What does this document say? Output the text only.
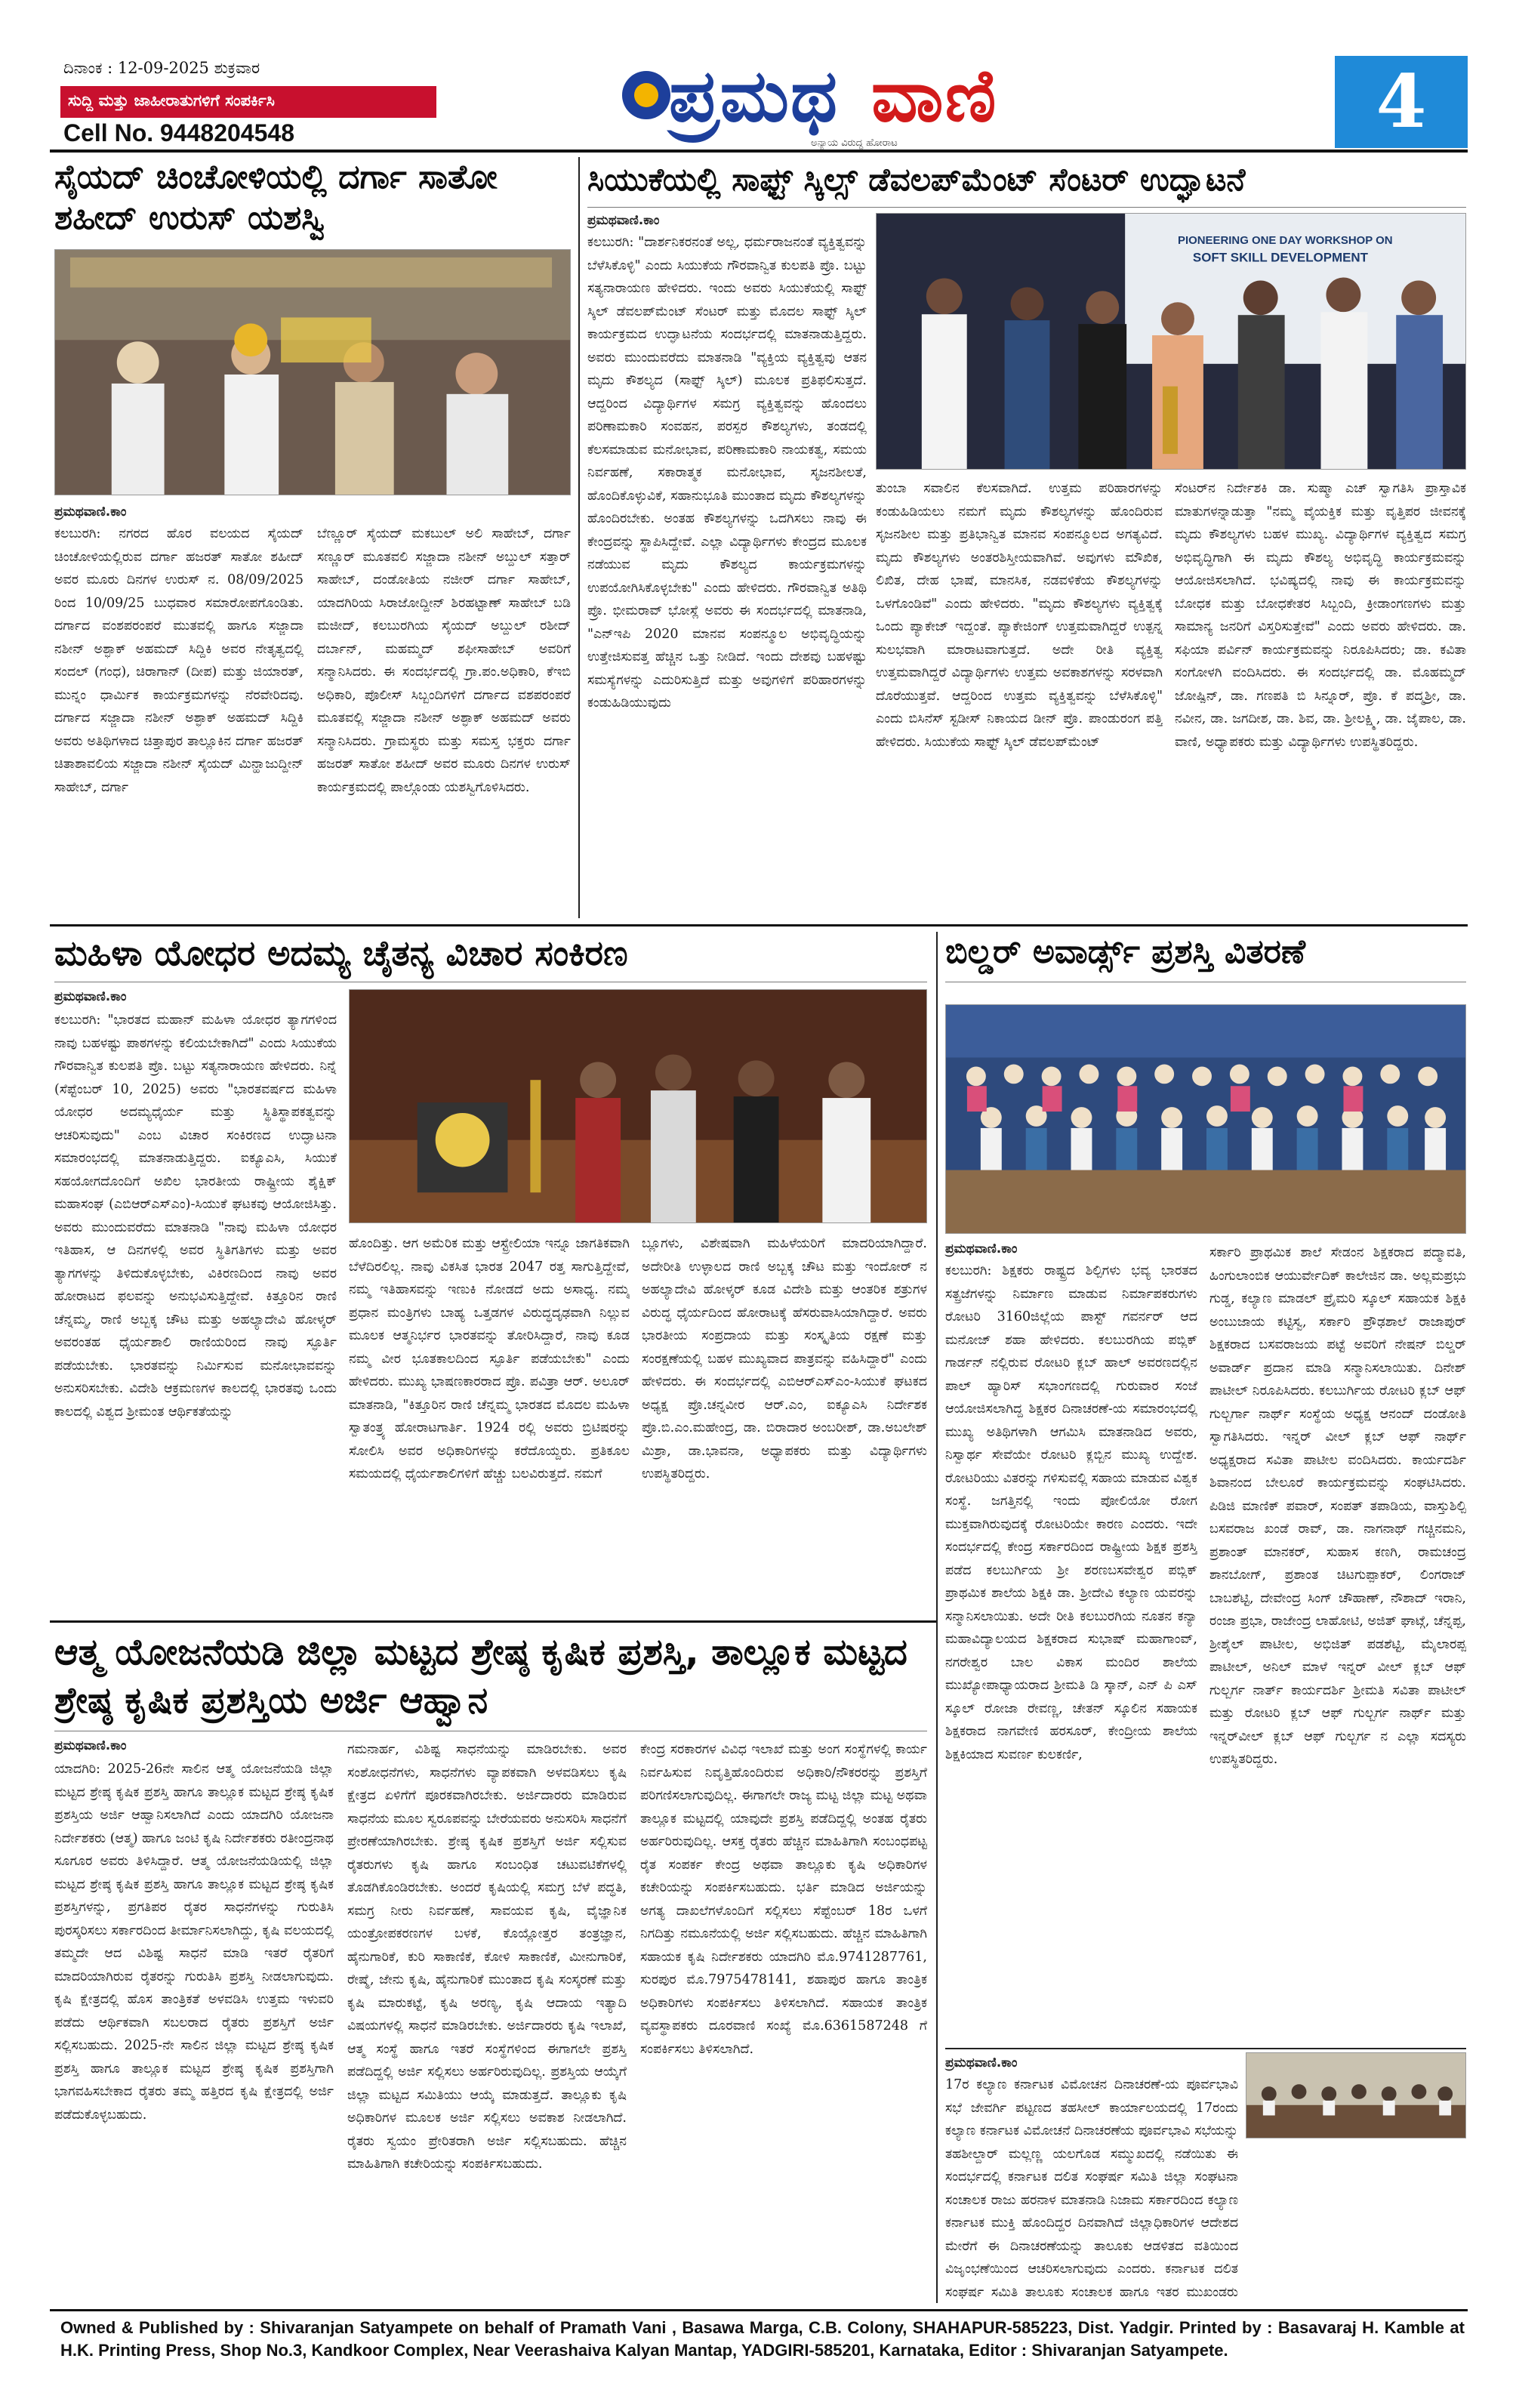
ದಿನಾಂಕ : 12-09-2025 ಶುಕ್ರವಾರ
ಸುದ್ದಿ ಮತ್ತು ಜಾಹೀರಾತುಗಳಿಗೆ ಸಂಪರ್ಕಿಸಿ
Cell No. 9448204548	ಪ್ರಮಥ ವಾಣಿ
ಅನ್ಯಾಯ ವಿರುದ್ಧ ಹೋರಾಟ	4
ಸೈಯದ್ ಚಿಂಚೋಳಿಯಲ್ಲಿ ದರ್ಗಾ ಸಾತೋ ಶಹೀದ್ ಉರುಸ್ ಯಶಸ್ವಿ
ಪ್ರಮಥವಾಣಿ.ಕಾಂ
ಕಲಬುರಗಿ: ನಗರದ ಹೊರ ವಲಯದ ಸೈಯದ್ ಚಿಂಚೋಳಿಯಲ್ಲಿರುವ ದರ್ಗಾ ಹಜರತ್ ಸಾತೋ ಶಹೀದ್ ಅವರ ಮೂರು ದಿನಗಳ ಉರುಸ್ ನ. 08/09/2025 ರಿಂದ 10/09/25 ಬುಧವಾರ ಸಮಾರೋಪಗೊಂಡಿತು. ದರ್ಗಾದ ವಂಶಪರಂಪರೆ ಮುತವಲ್ಲಿ ಹಾಗೂ ಸಜ್ಜಾದಾ ನಶೀನ್ ಅಶ್ಫಾಕ್ ಅಹಮದ್ ಸಿದ್ದಿಕಿ ಅವರ ನೇತೃತ್ವದಲ್ಲಿ ಸಂದಲ್ (ಗಂಧ), ಚಿರಾಗಾನ್ (ದೀಪ) ಮತ್ತು ಜಿಯಾರತ್, ಮುನ್ನಂ ಧಾರ್ಮಿಕ ಕಾರ್ಯಕ್ರಮಗಳನ್ನು ನೆರವೇರಿದವು. ದರ್ಗಾದ ಸಜ್ಜಾದಾ ನಶೀನ್ ಅಶ್ಫಾಕ್ ಅಹಮದ್ ಸಿದ್ದಿಕಿ ಅವರು ಅತಿಥಿಗಳಾದ ಚಿತ್ತಾಪುರ ತಾಲ್ಲೂಕಿನ ದರ್ಗಾ ಹಜರತ್ ಚಿತಾಶಾವಲಿಯ ಸಜ್ಜಾದಾ ನಶೀನ್ ಸೈಯದ್ ಮಿನ್ಹಾಜುದ್ದೀನ್ ಸಾಹೇಬ್, ದರ್ಗಾ
ಬೆಣ್ಣೂರ್ ಸೈಯದ್ ಮಕಬುಲ್ ಅಲಿ ಸಾಹೇಬ್, ದರ್ಗಾ ಸಣ್ಣೂರ್ ಮೂತವಲಿ ಸಜ್ಜಾದಾ ನಶೀನ್ ಅಬ್ದುಲ್ ಸತ್ತಾರ್ ಸಾಹೇಬ್, ದಂಡೋತಿಯ ನಜೀರ್ ದರ್ಗಾ ಸಾಹೇಬ್, ಯಾದಗಿರಿಯ ಸಿರಾಜೋದ್ದೀನ್ ಶಿರಹಟ್ಟಾಣ್ ಸಾಹೇಬ್ ಬಡಿ ಮಜೀದ್, ಕಲಬುರಗಿಯ ಸೈಯದ್ ಅಬ್ದುಲ್ ರಶೀದ್ ದರ್ಬಾನ್, ಮಹಮ್ಮದ್ ಶಫೀಸಾಹೇಬ್ ಅವರಿಗೆ ಸನ್ಮಾನಿಸಿದರು. ಈ ಸಂದರ್ಭದಲ್ಲಿ ಗ್ರಾ.ಪಂ.ಅಧಿಕಾರಿ, ಕೆಇಬಿ ಅಧಿಕಾರಿ, ಪೊಲೀಸ್ ಸಿಬ್ಬಂದಿಗಳಿಗೆ ದರ್ಗಾದ ವಶಪರಂಪರೆ ಮೂತವಲ್ಲಿ ಸಜ್ಜಾದಾ ನಶೀನ್ ಅಶ್ಫಾಕ್ ಅಹಮದ್ ಅವರು ಸನ್ಮಾನಿಸಿದರು. ಗ್ರಾಮಸ್ಥರು ಮತ್ತು ಸಮಸ್ತ ಭಕ್ತರು ದರ್ಗಾ ಹಜರತ್ ಸಾತೋ ಶಹೀದ್ ಅವರ ಮೂರು ದಿನಗಳ ಉರುಸ್ ಕಾರ್ಯಕ್ರಮದಲ್ಲಿ ಪಾಲ್ಗೊಂಡು ಯಶಸ್ವಿಗೊಳಿಸಿದರು.
ಸಿಯುಕೆಯಲ್ಲಿ ಸಾಫ್ಟ್ ಸ್ಕಿಲ್ಸ್ ಡೆವಲಪ್‌ಮೆಂಟ್ ಸೆಂಟರ್ ಉದ್ಘಾಟನೆ
ಪ್ರಮಥವಾಣಿ.ಕಾಂ
ಕಲಬುರಗಿ: "ದಾರ್ಶನಿಕರನಂತೆ ಅಲ್ಲ, ಧರ್ಮರಾಜನಂತೆ ವ್ಯಕ್ತಿತ್ವವನ್ನು ಬೆಳೆಸಿಕೊಳ್ಳಿ" ಎಂದು ಸಿಯುಕೆಯ ಗೌರವಾನ್ವಿತ ಕುಲಪತಿ ಪ್ರೊ. ಬಟ್ಟು ಸತ್ಯನಾರಾಯಣ ಹೇಳಿದರು. ಇಂದು ಅವರು ಸಿಯುಕೆಯಲ್ಲಿ ಸಾಫ್ಟ್ ಸ್ಕಿಲ್ ಡೆವಲಪ್‌ಮೆಂಟ್ ಸೆಂಟರ್ ಮತ್ತು ಮೊದಲ ಸಾಫ್ಟ್ ಸ್ಕಿಲ್ ಕಾರ್ಯಕ್ರಮದ ಉದ್ಘಾಟನೆಯ ಸಂದರ್ಭದಲ್ಲಿ ಮಾತನಾಡುತ್ತಿದ್ದರು. ಅವರು ಮುಂದುವರೆದು ಮಾತನಾಡಿ "ವ್ಯಕ್ತಿಯ ವ್ಯಕ್ತಿತ್ವವು ಆತನ ಮೃದು ಕೌಶಲ್ಯದ (ಸಾಫ್ಟ್ ಸ್ಕಿಲ್) ಮೂಲಕ ಪ್ರತಿಫಲಿಸುತ್ತದೆ. ಆದ್ದರಿಂದ ವಿದ್ಯಾರ್ಥಿಗಳ ಸಮಗ್ರ ವ್ಯಕ್ತಿತ್ವವನ್ನು ಹೊಂದಲು ಪರಿಣಾಮಕಾರಿ ಸಂವಹನ, ಪರಸ್ಪರ ಕೌಶಲ್ಯಗಳು, ತಂಡದಲ್ಲಿ ಕೆಲಸಮಾಡುವ ಮನೋಭಾವ, ಪರಿಣಾಮಕಾರಿ ನಾಯಕತ್ವ, ಸಮಯ ನಿರ್ವಹಣೆ, ಸಕಾರಾತ್ಮಕ ಮನೋಭಾವ, ಸೃಜನಶೀಲತೆ, ಹೊಂದಿಕೊಳ್ಳುವಿಕೆ, ಸಹಾನುಭೂತಿ ಮುಂತಾದ ಮೃದು ಕೌಶಲ್ಯಗಳನ್ನು ಹೊಂದಿರಬೇಕು. ಅಂತಹ ಕೌಶಲ್ಯಗಳನ್ನು ಒದಗಿಸಲು ನಾವು ಈ ಕೇಂದ್ರವನ್ನು ಸ್ಥಾಪಿಸಿದ್ದೇವೆ. ಎಲ್ಲಾ ವಿದ್ಯಾರ್ಥಿಗಳು ಕೇಂದ್ರದ ಮೂಲಕ ನಡೆಯುವ ಮೃದು ಕೌಶಲ್ಯದ ಕಾರ್ಯಕ್ರಮಗಳನ್ನು ಉಪಯೋಗಿಸಿಕೊಳ್ಳಬೇಕು" ಎಂದು ಹೇಳಿದರು. ಗೌರವಾನ್ವಿತ ಅತಿಥಿ ಪ್ರೊ. ಭೀಮರಾವ್ ಭೋಸ್ಲೆ ಅವರು ಈ ಸಂದರ್ಭದಲ್ಲಿ ಮಾತನಾಡಿ, "ಎನ್‌ಇಪಿ 2020 ಮಾನವ ಸಂಪನ್ಮೂಲ ಅಭಿವೃದ್ಧಿಯನ್ನು ಉತ್ತೇಜಿಸುವತ್ತ ಹೆಚ್ಚಿನ ಒತ್ತು ನೀಡಿದೆ. ಇಂದು ದೇಶವು ಬಹಳಷ್ಟು ಸಮಸ್ಯೆಗಳನ್ನು ಎದುರಿಸುತ್ತಿದೆ ಮತ್ತು ಅವುಗಳಿಗೆ ಪರಿಹಾರಗಳನ್ನು ಕಂಡುಹಿಡಿಯುವುದು
PIONEERING ONE DAY WORKSHOP ON
SOFT SKILL DEVELOPMENT
ತುಂಬಾ ಸವಾಲಿನ ಕೆಲಸವಾಗಿದೆ. ಉತ್ತಮ ಪರಿಹಾರಗಳನ್ನು ಕಂಡುಹಿಡಿಯಲು ನಮಗೆ ಮೃದು ಕೌಶಲ್ಯಗಳನ್ನು ಹೊಂದಿರುವ ಸೃಜನಶೀಲ ಮತ್ತು ಪ್ರತಿಭಾನ್ವಿತ ಮಾನವ ಸಂಪನ್ಮೂಲದ ಅಗತ್ಯವಿದೆ. ಮೃದು ಕೌಶಲ್ಯಗಳು ಅಂತರಶಿಸ್ತೀಯವಾಗಿವೆ. ಅವುಗಳು ಮೌಖಿಕ, ಲಿಖಿತ, ದೇಹ ಭಾಷೆ, ಮಾನಸಿಕ, ನಡವಳಿಕೆಯ ಕೌಶಲ್ಯಗಳನ್ನು ಒಳಗೊಂಡಿವೆ" ಎಂದು ಹೇಳಿದರು. "ಮೃದು ಕೌಶಲ್ಯಗಳು ವ್ಯಕ್ತಿತ್ವಕ್ಕೆ ಒಂದು ಪ್ಯಾಕೇಜ್ ಇದ್ದಂತೆ. ಪ್ಯಾಕೇಜಿಂಗ್ ಉತ್ತಮವಾಗಿದ್ದರೆ ಉತ್ಪನ್ನ ಸುಲಭವಾಗಿ ಮಾರಾಟವಾಗುತ್ತದೆ. ಅದೇ ರೀತಿ ವ್ಯಕ್ತಿತ್ವ ಉತ್ತಮವಾಗಿದ್ದರೆ ವಿದ್ಯಾರ್ಥಿಗಳು ಉತ್ತಮ ಅವಕಾಶಗಳನ್ನು ಸರಳವಾಗಿ ದೊರೆಯುತ್ತವೆ. ಆದ್ದರಿಂದ ಉತ್ತಮ ವ್ಯಕ್ತಿತ್ವವನ್ನು ಬೆಳೆಸಿಕೊಳ್ಳಿ" ಎಂದು ಬಿಸಿನೆಸ್ ಸ್ಟಡೀಸ್ ನಿಕಾಯದ ಡೀನ್ ಪ್ರೊ. ಪಾಂಡುರಂಗ ಪತ್ತಿ ಹೇಳಿದರು. ಸಿಯುಕೆಯ ಸಾಫ್ಟ್ ಸ್ಕಿಲ್ ಡೆವಲಪ್‌ಮೆಂಟ್
ಸೆಂಟರ್‌ನ ನಿರ್ದೇಶಕಿ ಡಾ. ಸುಷ್ಮಾ ಎಚ್ ಸ್ವಾಗತಿಸಿ ಪ್ರಾಸ್ತಾವಿಕ ಮಾತುಗಳನ್ನಾಡುತ್ತಾ "ನಮ್ಮ ವೈಯಕ್ತಿಕ ಮತ್ತು ವೃತ್ತಿಪರ ಜೀವನಕ್ಕೆ ಮೃದು ಕೌಶಲ್ಯಗಳು ಬಹಳ ಮುಖ್ಯ. ವಿದ್ಯಾರ್ಥಿಗಳ ವ್ಯಕ್ತಿತ್ವದ ಸಮಗ್ರ ಅಭಿವೃದ್ಧಿಗಾಗಿ ಈ ಮೃದು ಕೌಶಲ್ಯ ಅಭಿವೃದ್ಧಿ ಕಾರ್ಯಕ್ರಮವನ್ನು ಆಯೋಜಿಸಲಾಗಿದೆ. ಭವಿಷ್ಯದಲ್ಲಿ ನಾವು ಈ ಕಾರ್ಯಕ್ರಮವನ್ನು ಬೋಧಕ ಮತ್ತು ಬೋಧಕೇತರ ಸಿಬ್ಬಂದಿ, ಕ್ರೀಡಾಂಗಣಗಳು ಮತ್ತು ಸಾಮಾನ್ಯ ಜನರಿಗೆ ವಿಸ್ತರಿಸುತ್ತೇವೆ" ಎಂದು ಅವರು ಹೇಳಿದರು. ಡಾ. ಸಫಿಯಾ ಪರ್ವಿನ್ ಕಾರ್ಯಕ್ರಮವನ್ನು ನಿರೂಪಿಸಿದರು; ಡಾ. ಕವಿತಾ ಸಂಗೋಳಗಿ ವಂದಿಸಿದರು. ಈ ಸಂದರ್ಭದಲ್ಲಿ ಡಾ. ಮೊಹಮ್ಮದ್ ಜೋಷ್ಪಿನ್, ಡಾ. ಗಣಪತಿ ಬಿ ಸಿನ್ನೂರ್, ಪ್ರೊ. ಕೆ ಪದ್ಮಶ್ರೀ, ಡಾ. ನವೀನ, ಡಾ. ಜಗದೀಶ, ಡಾ. ಶಿವ, ಡಾ. ಶ್ರೀಲಕ್ಷ್ಮಿ, ಡಾ. ಜೈಪಾಲ, ಡಾ. ವಾಣಿ, ಅಧ್ಯಾಪಕರು ಮತ್ತು ವಿದ್ಯಾರ್ಥಿಗಳು ಉಪಸ್ಥಿತರಿದ್ದರು.
ಮಹಿಳಾ ಯೋಧರ ಅದಮ್ಯ ಚೈತನ್ಯ ವಿಚಾರ ಸಂಕಿರಣ
ಪ್ರಮಥವಾಣಿ.ಕಾಂ
ಕಲಬುರಗಿ: "ಭಾರತದ ಮಹಾನ್ ಮಹಿಳಾ ಯೋಧರ ತ್ಯಾಗಗಳಿಂದ ನಾವು ಬಹಳಷ್ಟು ಪಾಠಗಳನ್ನು ಕಲಿಯಬೇಕಾಗಿದೆ" ಎಂದು ಸಿಯುಕೆಯ ಗೌರವಾನ್ವಿತ ಕುಲಪತಿ ಪ್ರೊ. ಬಟ್ಟು ಸತ್ಯನಾರಾಯಣ ಹೇಳಿದರು. ನಿನ್ನೆ (ಸೆಪ್ಟೆಂಬರ್ 10, 2025) ಅವರು "ಭಾರತವರ್ಷದ ಮಹಿಳಾ ಯೋಧರ ಅದಮ್ಯಧೈರ್ಯ ಮತ್ತು ಸ್ಥಿತಿಸ್ಥಾಪಕತ್ವವನ್ನು ಆಚರಿಸುವುದು" ಎಂಬ ವಿಚಾರ ಸಂಕಿರಣದ ಉದ್ಘಾಟನಾ ಸಮಾರಂಭದಲ್ಲಿ ಮಾತನಾಡುತ್ತಿದ್ದರು. ಐಕ್ಯೂಎಸಿ, ಸಿಯುಕೆ ಸಹಯೋಗದೊಂದಿಗೆ ಅಖಿಲ ಭಾರತೀಯ ರಾಷ್ಟ್ರೀಯ ಶೈಕ್ಷಿಕ್ ಮಹಾಸಂಘ (ಎಬಿಆರ್‌ಎಸ್‌ಎಂ)-ಸಿಯುಕೆ ಘಟಕವು ಆಯೋಜಿಸಿತ್ತು. ಅವರು ಮುಂದುವರೆದು ಮಾತನಾಡಿ "ನಾವು ಮಹಿಳಾ ಯೋಧರ ಇತಿಹಾಸ, ಆ ದಿನಗಳಲ್ಲಿ ಅವರ ಸ್ಥಿತಿಗತಿಗಳು ಮತ್ತು ಅವರ ತ್ಯಾಗಗಳನ್ನು ತಿಳಿದುಕೊಳ್ಳಬೇಕು, ವಿಕಿರಣದಿಂದ ನಾವು ಅವರ ಹೋರಾಟದ ಫಲವನ್ನು ಅನುಭವಿಸುತ್ತಿದ್ದೇವೆ. ಕಿತ್ತೂರಿನ ರಾಣಿ ಚೆನ್ನಮ್ಮ, ರಾಣಿ ಅಬ್ಬಕ್ಕ ಚೌಟ ಮತ್ತು ಅಹಲ್ಯಾದೇವಿ ಹೋಳ್ಕರ್ ಅವರಂತಹ ಧೈರ್ಯಶಾಲಿ ರಾಣಿಯರಿಂದ ನಾವು ಸ್ಫೂರ್ತಿ ಪಡೆಯಬೇಕು. ಭಾರತವನ್ನು ನಿರ್ಮಿಸುವ ಮನೋಭಾವವನ್ನು ಅನುಸರಿಸಬೇಕು. ವಿದೇಶಿ ಆಕ್ರಮಣಗಳ ಕಾಲದಲ್ಲಿ ಭಾರತವು ಒಂದು ಕಾಲದಲ್ಲಿ ವಿಶ್ವದ ಶ್ರೀಮಂತ ಆರ್ಥಿಕತೆಯನ್ನು
ಹೊಂದಿತ್ತು. ಆಗ ಅಮೆರಿಕ ಮತ್ತು ಆಸ್ಟ್ರೇಲಿಯಾ ಇನ್ನೂ ಜಾಗತಿಕವಾಗಿ ಬೆಳೆದಿರಲಿಲ್ಲ. ನಾವು ವಿಕಸಿತ ಭಾರತ 2047 ರತ್ತ ಸಾಗುತ್ತಿದ್ದೇವೆ, ನಮ್ಮ ಇತಿಹಾಸವನ್ನು ಇಣುಕಿ ನೋಡದೆ ಅದು ಅಸಾಧ್ಯ. ನಮ್ಮ ಪ್ರಧಾನ ಮಂತ್ರಿಗಳು ಬಾಹ್ಯ ಒತ್ತಡಗಳ ವಿರುದ್ಧದೃಢವಾಗಿ ನಿಲ್ಲುವ ಮೂಲಕ ಆತ್ಮನಿರ್ಭರ ಭಾರತವನ್ನು ತೋರಿಸಿದ್ದಾರೆ, ನಾವು ಕೂಡ ನಮ್ಮ ವೀರ ಭೂತಕಾಲದಿಂದ ಸ್ಫೂರ್ತಿ ಪಡೆಯಬೇಕು" ಎಂದು ಹೇಳಿದರು. ಮುಖ್ಯ ಭಾಷಣಕಾರರಾದ ಪ್ರೊ. ಪವಿತ್ರಾ ಆರ್. ಅಲೂರ್ ಮಾತನಾಡಿ, "ಕಿತ್ತೂರಿನ ರಾಣಿ ಚೆನ್ನಮ್ಮ ಭಾರತದ ಮೊದಲ ಮಹಿಳಾ ಸ್ವಾತಂತ್ರ್ಯ ಹೋರಾಟಗಾರ್ತಿ. 1924 ರಲ್ಲಿ ಅವರು ಬ್ರಿಟಿಷರನ್ನು ಸೋಲಿಸಿ ಅವರ ಅಧಿಕಾರಿಗಳನ್ನು ಕರೆದೊಯ್ದರು. ಪ್ರತಿಕೂಲ ಸಮಯದಲ್ಲಿ ಧೈರ್ಯಶಾಲಿಗಳಿಗೆ ಹೆಚ್ಚು ಬಲವಿರುತ್ತದೆ. ನಮಗೆ
ಬ್ಲೂಗಳು, ವಿಶೇಷವಾಗಿ ಮಹಿಳೆಯರಿಗೆ ಮಾದರಿಯಾಗಿದ್ದಾರೆ. ಅದೇರೀತಿ ಉಳ್ಳಾಲದ ರಾಣಿ ಅಬ್ಬಕ್ಕ ಚೌಟ ಮತ್ತು ಇಂದೋರ್ ನ ಅಹಲ್ಯಾದೇವಿ ಹೋಳ್ಕರ್ ಕೂಡ ವಿದೇಶಿ ಮತ್ತು ಆಂತರಿಕ ಶತ್ರುಗಳ ವಿರುದ್ಧ ಧೈರ್ಯದಿಂದ ಹೋರಾಟಕ್ಕೆ ಹೆಸರುವಾಸಿಯಾಗಿದ್ದಾರೆ. ಅವರು ಭಾರತೀಯ ಸಂಪ್ರದಾಯ ಮತ್ತು ಸಂಸ್ಕೃತಿಯ ರಕ್ಷಣೆ ಮತ್ತು ಸಂರಕ್ಷಣೆಯಲ್ಲಿ ಬಹಳ ಮುಖ್ಯವಾದ ಪಾತ್ರವನ್ನು ವಹಿಸಿದ್ದಾರೆ" ಎಂದು ಹೇಳಿದರು. ಈ ಸಂದರ್ಭದಲ್ಲಿ ಎಬಿಆರ್‌ಎಸ್‌ಎಂ-ಸಿಯುಕೆ ಘಟಕದ ಅಧ್ಯಕ್ಷ ಪ್ರೊ.ಚನ್ನವೀರ ಆರ್.ಎಂ, ಐಕ್ಯೂಎಸಿ ನಿರ್ದೇಶಕ ಪ್ರೊ.ಬಿ.ಎಂ.ಮಹೇಂದ್ರ, ಡಾ. ಬಿರಾದಾರ ಅಂಬರೀಶ್, ಡಾ.ಅಬಲೇಶ್ ಮಿಶ್ರಾ, ಡಾ.ಭಾವನಾ, ಅಧ್ಯಾಪಕರು ಮತ್ತು ವಿದ್ಯಾರ್ಥಿಗಳು ಉಪಸ್ಥಿತರಿದ್ದರು.
ಬಿಲ್ಡರ್ ಅವಾರ್ಡ್ಸ್ ಪ್ರಶಸ್ತಿ ವಿತರಣೆ
ಪ್ರಮಥವಾಣಿ.ಕಾಂ
ಕಲಬುರಗಿ: ಶಿಕ್ಷಕರು ರಾಷ್ಟ್ರದ ಶಿಲ್ಪಿಗಳು ಭವ್ಯ ಭಾರತದ ಸತ್ಪ್ರಜೆಗಳನ್ನು ನಿರ್ಮಾಣ ಮಾಡುವ ನಿರ್ಮಾಪಕರುಗಳು ರೋಟರಿ 3160ಜಿಲ್ಲೆಯ ಪಾಸ್ಟ್ ಗವರ್ನರ್ ಆದ ಮನೋಜ್ ಶಹಾ ಹೇಳಿದರು. ಕಲಬುರಗಿಯ ಪಬ್ಲಿಕ್ ಗಾರ್ಡನ್ ನಲ್ಲಿರುವ ರೋಟರಿ ಕ್ಲಬ್ ಹಾಲ್ ಅವರಣದಲ್ಲಿನ ಪಾಲ್ ಹ್ಯಾರಿಸ್ ಸಭಾಂಗಣದಲ್ಲಿ ಗುರುವಾರ ಸಂಜೆ ಆಯೋಜಿಸಲಾಗಿದ್ದ ಶಿಕ್ಷಕರ ದಿನಾಚರಣೆ-ಯ ಸಮಾರಂಭದಲ್ಲಿ ಮುಖ್ಯ ಅತಿಥಿಗಳಾಗಿ ಆಗಮಿಸಿ ಮಾತನಾಡಿದ ಅವರು, ನಿಸ್ವಾರ್ಥ ಸೇವೆಯೇ ರೋಟರಿ ಕ್ಲಬ್ಬಿನ ಮುಖ್ಯ ಉದ್ದೇಶ. ರೋಟರಿಯು ವಿತರನ್ನು ಗಳಿಸುವಲ್ಲಿ ಸಹಾಯ ಮಾಡುವ ವಿಶ್ವಕ ಸಂಸ್ಥೆ. ಜಗತ್ತಿನಲ್ಲಿ ಇಂದು ಪೋಲಿಯೋ ರೋಗ ಮುಕ್ತವಾಗಿರುವುದಕ್ಕೆ ರೋಟರಿಯೇ ಕಾರಣ ಎಂದರು. ಇದೇ ಸಂದರ್ಭದಲ್ಲಿ ಕೇಂದ್ರ ಸರ್ಕಾರದಿಂದ ರಾಷ್ಟ್ರೀಯ ಶಿಕ್ಷಕ ಪ್ರಶಸ್ತಿ ಪಡೆದ ಕಲಬುರ್ಗಿಯ ಶ್ರೀ ಶರಣಬಸವೇಶ್ವರ ಪಬ್ಲಿಕ್ ಪ್ರಾಥಮಿಕ ಶಾಲೆಯ ಶಿಕ್ಷಕಿ ಡಾ. ಶ್ರೀದೇವಿ ಕಲ್ಯಾಣ ಯವರನ್ನು ಸನ್ಮಾನಿಸಲಾಯಿತು. ಅದೇ ರೀತಿ ಕಲಬುರಗಿಯ ನೂತನ ಕನ್ಯಾ ಮಹಾವಿದ್ಯಾಲಯದ ಶಿಕ್ಷಕರಾದ ಸುಭಾಷ್ ಮಹಾಗಾಂವ್, ನಗರೇಶ್ವರ ಬಾಲ ವಿಕಾಸ ಮಂದಿರ ಶಾಲೆಯ ಮುಖ್ಯೋಪಾಧ್ಯಾಯರಾದ ಶ್ರೀಮತಿ ಡಿ ಸ್ಕಾನ್, ಎನ್ ಪಿ ಎಸ್ ಸ್ಕೂಲ್ ರೋಜಾ ರೇವಣ್ಣ, ಚೇತನ್ ಸ್ಕೂಲಿನ ಸಹಾಯಕ ಶಿಕ್ಷಕರಾದ ನಾಗವೇಣಿ ಹರಸೂರ್, ಕೇಂದ್ರೀಯ ಶಾಲೆಯ ಶಿಕ್ಷಕಿಯಾದ ಸುವರ್ಣ ಕುಲಕರ್ಣಿ,
ಸರ್ಕಾರಿ ಪ್ರಾಥಮಿಕ ಶಾಲೆ ಸೇಡಂನ ಶಿಕ್ಷಕರಾದ ಪದ್ಮಾವತಿ, ಹಿಂಗುಲಾಂಬಿಕ ಆಯುರ್ವೇದಿಕ್ ಕಾಲೇಜಿನ ಡಾ. ಅಲ್ಲಮಪ್ರಭು ಗುಡ್ಡ, ಕಲ್ಯಾಣ ಮಾಡಲ್ ಪ್ರೈಮರಿ ಸ್ಕೂಲ್ ಸಹಾಯಕ ಶಿಕ್ಷಕಿ ಅಂಬುಜಾಯ ಕಟ್ಟಿಸ್ವ, ಸರ್ಕಾರಿ ಪ್ರೌಢಶಾಲೆ ರಾಜಾಪುರ್ ಶಿಕ್ಷಕರಾದ ಬಸವರಾಜಯ ಪಟ್ಟೆ ಅವರಿಗೆ ನೇಷನ್ ಬಿಲ್ಡರ್ ಅವಾರ್ಡ್ ಪ್ರದಾನ ಮಾಡಿ ಸನ್ಮಾನಿಸಲಾಯಿತು. ದಿನೇಶ್ ಪಾಟೀಲ್ ನಿರೂಪಿಸಿದರು. ಕಲಬುರ್ಗಿಯ ರೋಟರಿ ಕ್ಲಬ್ ಆಫ್ ಗುಲ್ಬರ್ಗಾ ನಾರ್ಥ್ ಸಂಸ್ಥೆಯ ಅಧ್ಯಕ್ಷ ಆನಂದ್ ದಂಡೋತಿ ಸ್ವಾಗತಿಸಿದರು. ಇನ್ನರ್ ವೀಲ್ ಕ್ಲಬ್ ಆಫ್ ನಾರ್ಥ್ ಅಧ್ಯಕ್ಷರಾದ ಸವಿತಾ ಪಾಟೀಲ ವಂದಿಸಿದರು. ಕಾರ್ಯದರ್ಶಿ ಶಿವಾನಂದ ಬೇಲೂರೆ ಕಾರ್ಯಕ್ರಮವನ್ನು ಸಂಘಟಿಸಿದರು. ಪಿಡಿಜಿ ಮಾಣಿಕ್ ಪವಾರ್, ಸಂಪತ್ ತಪಾಡಿಯ, ವಾಸ್ತುಶಿಲ್ಪಿ ಬಸವರಾಜ ಖಂಡೆ ರಾವ್, ಡಾ. ನಾಗನಾಥ್ ಗಚ್ಚಿನಮನಿ, ಪ್ರಶಾಂತ್ ಮಾನಕರ್, ಸುಹಾಸ ಕಣಗಿ, ರಾಮಚಂದ್ರ ಶಾನಬೋಗ್, ಪ್ರಶಾಂತ ಚಿಟಗುಪ್ಪಾಕರ್, ಲಿಂಗರಾಜ್ ಬಾಬಶೆಟ್ಟಿ, ದೇವೇಂದ್ರ ಸಿಂಗ್ ಚೌಹಾಣ್, ನೌಶಾದ್ ಇರಾನಿ, ರಂಜಾ ಪ್ರಭಾ, ರಾಜೇಂದ್ರ ಲಾಹೋಟಿ, ಅಜಿತ್ ಘಾಟ್ಗೆ, ಚೆನ್ನಪ್ಪ, ಶ್ರೀಶೈಲ್ ಪಾಟೀಲ, ಅಭಿಜಿತ್ ಪಡಶೆಟ್ಟಿ, ಮೈಲಾರಪ್ಪ ಪಾಟೀಲ್, ಅನಿಲ್ ಮಾಳೆ ಇನ್ನರ್ ವೀಲ್ ಕ್ಲಬ್ ಆಫ್ ಗುಲ್ಬರ್ಗ ನಾರ್ತ್ ಕಾರ್ಯದರ್ಶಿ ಶ್ರೀಮತಿ ಸವಿತಾ ಪಾಟೀಲ್ ಮತ್ತು ರೋಟರಿ ಕ್ಲಬ್ ಆಫ್ ಗುಲ್ಬರ್ಗ ನಾರ್ಥ್ ಮತ್ತು ಇನ್ನರ್‌ವೀಲ್ ಕ್ಲಬ್ ಆಫ್ ಗುಲ್ಬರ್ಗ ನ ಎಲ್ಲಾ ಸದಸ್ಯರು ಉಪಸ್ಥಿತರಿದ್ದರು.
ಪ್ರಮಥವಾಣಿ.ಕಾಂ
17ರ ಕಲ್ಯಾಣ ಕರ್ನಾಟಕ ವಿಮೋಚನ ದಿನಾಚರಣೆ-ಯ ಪೂರ್ವಭಾವಿ ಸಭೆ ಜೇವರ್ಗಿ ಪಟ್ಟಣದ ತಹಸೀಲ್ ಕಾರ್ಯಾಲಯದಲ್ಲಿ 17ರಂದು ಕಲ್ಯಾಣ ಕರ್ನಾಟಕ ವಿಮೋಚನೆ ದಿನಾಚರಣೆಯ ಪೂರ್ವಭಾವಿ ಸಭೆಯನ್ನು ತಹಶೀಲ್ದಾರ್ ಮಲ್ಲಣ್ಣ ಯಲಗೊಡ ಸಮ್ಮುಖದಲ್ಲಿ ನಡೆಯಿತು ಈ ಸಂದರ್ಭದಲ್ಲಿ ಕರ್ನಾಟಕ ದಲಿತ ಸಂಘರ್ಷ ಸಮಿತಿ ಜಿಲ್ಲಾ ಸಂಘಟನಾ ಸಂಚಾಲಕ ರಾಜು ಹರನಾಳ ಮಾತನಾಡಿ ನಿಜಾಮ ಸರ್ಕಾರದಿಂದ ಕಲ್ಯಾಣ ಕರ್ನಾಟಕ ಮುಕ್ತಿ ಹೊಂದಿದ್ದರ ದಿನವಾಗಿದೆ ಜಿಲ್ಲಾಧಿಕಾರಿಗಳ ಆದೇಶದ ಮೇರೆಗೆ ಈ ದಿನಾಚರಣೆಯನ್ನು ತಾಲೂಕು ಆಡಳಿತದ ವತಿಯಿಂದ ವಿಜೃಂಭಣೆಯಿಂದ ಆಚರಿಸಲಾಗುವುದು ಎಂದರು. ಕರ್ನಾಟಕ ದಲಿತ ಸಂಘರ್ಷ ಸಮಿತಿ ತಾಲೂಕು ಸಂಚಾಲಕ ಹಾಗೂ ಇತರ ಮುಖಂಡರು
ಆತ್ಮ ಯೋಜನೆಯಡಿ ಜಿಲ್ಲಾ ಮಟ್ಟದ ಶ್ರೇಷ್ಠ ಕೃಷಿಕ ಪ್ರಶಸ್ತಿ, ತಾಲ್ಲೂಕ ಮಟ್ಟದ ಶ್ರೇಷ್ಠ ಕೃಷಿಕ ಪ್ರಶಸ್ತಿಯ ಅರ್ಜಿ ಆಹ್ವಾನ
ಪ್ರಮಥವಾಣಿ.ಕಾಂ
ಯಾದಗಿರಿ: 2025-26ನೇ ಸಾಲಿನ ಆತ್ಮ ಯೋಜನೆಯಡಿ ಜಿಲ್ಲಾ ಮಟ್ಟದ ಶ್ರೇಷ್ಠ ಕೃಷಿಕ ಪ್ರಶಸ್ತಿ ಹಾಗೂ ತಾಲ್ಲೂಕ ಮಟ್ಟದ ಶ್ರೇಷ್ಠ ಕೃಷಿಕ ಪ್ರಶಸ್ತಿಯ ಅರ್ಜಿ ಆಹ್ವಾನಿಸಲಾಗಿದೆ ಎಂದು ಯಾದಗಿರಿ ಯೋಜನಾ ನಿರ್ದೇಶಕರು (ಆತ್ಮ) ಹಾಗೂ ಜಂಟಿ ಕೃಷಿ ನಿರ್ದೇಶಕರು ರತೀಂದ್ರನಾಥ ಸೂಗೂರ ಅವರು ತಿಳಿಸಿದ್ದಾರೆ. ಆತ್ಮ ಯೋಜನೆಯಡಿಯಲ್ಲಿ ಜಿಲ್ಲಾ ಮಟ್ಟದ ಶ್ರೇಷ್ಠ ಕೃಷಿಕ ಪ್ರಶಸ್ತಿ ಹಾಗೂ ತಾಲ್ಲೂಕ ಮಟ್ಟದ ಶ್ರೇಷ್ಠ ಕೃಷಿಕ ಪ್ರಶಸ್ತಿಗಳನ್ನು, ಪ್ರಗತಿಪರ ರೈತರ ಸಾಧನೆಗಳನ್ನು ಗುರುತಿಸಿ ಪುರಸ್ಕರಿಸಲು ಸರ್ಕಾರದಿಂದ ತೀರ್ಮಾನಿಸಲಾಗಿದ್ದು, ಕೃಷಿ ವಲಯದಲ್ಲಿ ತಮ್ಮದೇ ಆದ ವಿಶಿಷ್ಟ ಸಾಧನೆ ಮಾಡಿ ಇತರೆ ರೈತರಿಗೆ ಮಾದರಿಯಾಗಿರುವ ರೈತರನ್ನು ಗುರುತಿಸಿ ಪ್ರಶಸ್ತಿ ನೀಡಲಾಗುವುದು. ಕೃಷಿ ಕ್ಷೇತ್ರದಲ್ಲಿ ಹೊಸ ತಾಂತ್ರಿಕತೆ ಅಳವಡಿಸಿ ಉತ್ತಮ ಇಳುವರಿ ಪಡೆದು ಆರ್ಥಿಕವಾಗಿ ಸಬಲರಾದ ರೈತರು ಪ್ರಶಸ್ತಿಗೆ ಅರ್ಜಿ ಸಲ್ಲಿಸಬಹುದು. 2025-ನೇ ಸಾಲಿನ ಜಿಲ್ಲಾ ಮಟ್ಟದ ಶ್ರೇಷ್ಠ ಕೃಷಿಕ ಪ್ರಶಸ್ತಿ ಹಾಗೂ ತಾಲ್ಲೂಕ ಮಟ್ಟದ ಶ್ರೇಷ್ಠ ಕೃಷಿಕ ಪ್ರಶಸ್ತಿಗಾಗಿ ಭಾಗವಹಿಸಬೇಕಾದ ರೈತರು ತಮ್ಮ ಹತ್ತಿರದ ಕೃಷಿ ಕ್ಷೇತ್ರದಲ್ಲಿ ಅರ್ಜಿ ಪಡೆದುಕೊಳ್ಳಬಹುದು.
ಗಮನಾರ್ಹ, ವಿಶಿಷ್ಟ ಸಾಧನೆಯನ್ನು ಮಾಡಿರಬೇಕು. ಅವರ ಸಂಶೋಧನೆಗಳು, ಸಾಧನೆಗಳು ವ್ಯಾಪಕವಾಗಿ ಅಳವಡಿಸಲು ಕೃಷಿ ಕ್ಷೇತ್ರದ ಏಳಿಗೆಗೆ ಪೂರಕವಾಗಿರಬೇಕು. ಅರ್ಜಿದಾರರು ಮಾಡಿರುವ ಸಾಧನೆಯ ಮೂಲ ಸ್ವರೂಪವನ್ನು ಬೇರೆಯವರು ಅನುಸರಿಸಿ ಸಾಧನೆಗೆ ಪ್ರೇರಣೆಯಾಗಿರಬೇಕು. ಶ್ರೇಷ್ಠ ಕೃಷಿಕ ಪ್ರಶಸ್ತಿಗೆ ಅರ್ಜಿ ಸಲ್ಲಿಸುವ ರೈತರುಗಳು ಕೃಷಿ ಹಾಗೂ ಸಂಬಂಧಿತ ಚಟುವಟಿಕೆಗಳಲ್ಲಿ ತೊಡಗಿಕೊಂಡಿರಬೇಕು. ಅಂದರೆ ಕೃಷಿಯಲ್ಲಿ ಸಮಗ್ರ ಬೆಳೆ ಪದ್ಧತಿ, ಸಮಗ್ರ ನೀರು ನಿರ್ವಹಣೆ, ಸಾವಯವ ಕೃಷಿ, ವೈಜ್ಞಾನಿಕ ಯಂತ್ರೋಪಕರಣಗಳ ಬಳಕೆ, ಕೊಯ್ಲೋತ್ತರ ತಂತ್ರಜ್ಞಾನ, ಹೈನುಗಾರಿಕೆ, ಕುರಿ ಸಾಕಾಣಿಕೆ, ಕೋಳಿ ಸಾಕಾಣಿಕೆ, ಮೀನುಗಾರಿಕೆ, ರೇಷ್ಮೆ, ಜೇನು ಕೃಷಿ, ಹೈನುಗಾರಿಕೆ ಮುಂತಾದ ಕೃಷಿ ಸಂಸ್ಕರಣೆ ಮತ್ತು ಕೃಷಿ ಮಾರುಕಟ್ಟೆ, ಕೃಷಿ ಅರಣ್ಯ, ಕೃಷಿ ಆದಾಯ ಇತ್ಯಾದಿ ವಿಷಯಗಳಲ್ಲಿ ಸಾಧನೆ ಮಾಡಿರಬೇಕು. ಅರ್ಜಿದಾರರು ಕೃಷಿ ಇಲಾಖೆ, ಆತ್ಮ ಸಂಸ್ಥೆ ಹಾಗೂ ಇತರೆ ಸಂಸ್ಥೆಗಳಿಂದ ಈಗಾಗಲೇ ಪ್ರಶಸ್ತಿ ಪಡೆದಿದ್ದಲ್ಲಿ ಅರ್ಜಿ ಸಲ್ಲಿಸಲು ಅರ್ಹರಿರುವುದಿಲ್ಲ. ಪ್ರಶಸ್ತಿಯ ಆಯ್ಕೆಗೆ ಜಿಲ್ಲಾ ಮಟ್ಟದ ಸಮಿತಿಯು ಆಯ್ಕೆ ಮಾಡುತ್ತದೆ. ತಾಲ್ಲೂಕು ಕೃಷಿ ಅಧಿಕಾರಿಗಳ ಮೂಲಕ ಅರ್ಜಿ ಸಲ್ಲಿಸಲು ಅವಕಾಶ ನೀಡಲಾಗಿದೆ. ರೈತರು ಸ್ವಯಂ ಪ್ರೇರಿತರಾಗಿ ಅರ್ಜಿ ಸಲ್ಲಿಸಬಹುದು. ಹೆಚ್ಚಿನ ಮಾಹಿತಿಗಾಗಿ ಕಚೇರಿಯನ್ನು ಸಂಪರ್ಕಿಸಬಹುದು.
ಕೇಂದ್ರ ಸರಕಾರಗಳ ವಿವಿಧ ಇಲಾಖೆ ಮತ್ತು ಅಂಗ ಸಂಸ್ಥೆಗಳಲ್ಲಿ ಕಾರ್ಯ ನಿರ್ವಹಿಸುವ ನಿವೃತ್ತಿಹೊಂದಿರುವ ಅಧಿಕಾರಿ/ನೌಕರರನ್ನು ಪ್ರಶಸ್ತಿಗೆ ಪರಿಗಣಿಸಲಾಗುವುದಿಲ್ಲ. ಈಗಾಗಲೇ ರಾಜ್ಯ ಮಟ್ಟ ಜಿಲ್ಲಾ ಮಟ್ಟ ಅಥವಾ ತಾಲ್ಲೂಕ ಮಟ್ಟದಲ್ಲಿ ಯಾವುದೇ ಪ್ರಶಸ್ತಿ ಪಡೆದಿದ್ದಲ್ಲಿ ಅಂತಹ ರೈತರು ಅರ್ಹರಿರುವುದಿಲ್ಲ. ಆಸಕ್ತ ರೈತರು ಹೆಚ್ಚಿನ ಮಾಹಿತಿಗಾಗಿ ಸಂಬಂಧಪಟ್ಟ ರೈತ ಸಂಪರ್ಕ ಕೇಂದ್ರ ಅಥವಾ ತಾಲ್ಲೂಕು ಕೃಷಿ ಅಧಿಕಾರಿಗಳ ಕಚೇರಿಯನ್ನು ಸಂಪರ್ಕಿಸಬಹುದು. ಭರ್ತಿ ಮಾಡಿದ ಅರ್ಜಿಯನ್ನು ಅಗತ್ಯ ದಾಖಲೆಗಳೊಂದಿಗೆ ಸಲ್ಲಿಸಲು ಸೆಪ್ಟೆಂಬರ್ 18ರ ಒಳಗೆ ನಿಗದಿತ್ತು ನಮೂನೆಯಲ್ಲಿ ಅರ್ಜಿ ಸಲ್ಲಿಸಬಹುದು. ಹೆಚ್ಚಿನ ಮಾಹಿತಿಗಾಗಿ ಸಹಾಯಕ ಕೃಷಿ ನಿರ್ದೇಶಕರು ಯಾದಗಿರಿ ಮೊ.9741287761, ಸುರಪುರ ಮೊ.7975478141, ಶಹಾಪುರ ಹಾಗೂ ತಾಂತ್ರಿಕ ಅಧಿಕಾರಿಗಳು ಸಂಪರ್ಕಿಸಲು ತಿಳಿಸಲಾಗಿದೆ. ಸಹಾಯಕ ತಾಂತ್ರಿಕ ವ್ಯವಸ್ಥಾಪಕರು ದೂರವಾಣಿ ಸಂಖ್ಯೆ ಮೊ.6361587248 ಗೆ ಸಂಪರ್ಕಿಸಲು ತಿಳಿಸಲಾಗಿದೆ.
Owned & Published by : Shivaranjan Satyampete on behalf of Pramath Vani , Basawa Marga, C.B. Colony, SHAHAPUR-585223, Dist. Yadgir. Printed by : Basavaraj H. Kamble at H.K. Printing Press, Shop No.3, Kandkoor Complex, Near Veerashaiva Kalyan Mantap, YADGIRI-585201, Karnataka, Editor : Shivaranjan Satyampete.
